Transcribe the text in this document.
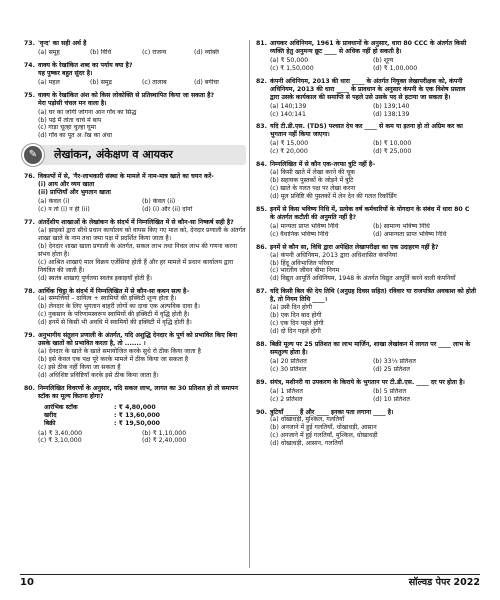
73. 'वृन्द' का सही अर्थ है
(a) समूह	(b) विधि	(c) राजन्य	(d) व्यक्ति
74. वाक्य के रेखांकित शब्द का पर्याय क्या है?
यह पुष्कर बहुत सुंदर है।
(a) महल	(b) समुद्र	(c) तालाब	(d) बगीचा
75. वाक्य के रेखांकित अंश को किस लोकोक्ति से प्रतिस्थापित किया जा सकता है?
मेरा पड़ोसी चंचल मन वाला है।
(a) घर का जोगी जोगना आन गाँव का सिद्ध
(b) पढ़े मैं तोता चाचे में बाप
(c) गाड़ा चूल्हा चुल्हा घुमा
(d) गाँव का पूत अाँख का अंधा
✎	लेखांकन, अंकेक्षण व आयकर
76. विकल्पों में से, 'गैर-लाभकारी संस्था के मामले में नाम-मात्र खाते का चयन करें-
(i) आय और व्यय खाता
(ii) प्राप्तियाँ और भुगतान खाता
(a) केवल (i)	(b) केवल (ii)
(c) न तो (i) न ही (ii)	(d) (i) और (ii) दोनों
77. अंतर्देशीय शाखाओं के लेखांकन के संदर्भ में निम्नलिखित में से कौन-सा निष्कर्ष सही है?
(a) झाइको द्वारा सीधे प्रधान कार्यालय को वापस किए गए माल को, देनदार प्रणाली के अंतर्गत शाखा खाते के नाम तथा जमा पक्ष में प्रदर्शित किया जाता है।
(b) देनदार शाखा खाता प्रणाली के अंतर्गत, सकल लाभ तथा निवल लाभ की गणना करना संभव होता है।
(c) आश्रित शाखाएं माल विक्रय एजेंसियां होती हैं और हर मामले में प्रधान कार्यालय द्वारा नियंत्रित की जाती हैं।
(d) स्वतंत्र शाखाएं पूर्णतया स्वतंत्र इकाइयाँ होती हैं।
78. आर्थिक चिट्ठा के संदर्भ में निम्नलिखित में से कौन-सा कथन सत्य है–
(a) सम्पत्तियों – दायित्व + स्वामियों की इक्विटी शून्य होता है।
(b) लेनदार के लिए भुगतान बाहरी लोगों का दावा एक अल्पविक दावा है।
(c) नुकसान के परिणामस्वरूप स्वामियों की इक्विटी में वृद्धि होती है।
(d) इनमें से किसी भी अवधि में स्वामियों की इक्विटी में वृद्धि होती है।
79. अनुभागीय संतुलन प्रणाली के अंतर्गत, यदि अशुद्धि देनदार के पूर्ण को प्रभावित किए बिना उसके खातों को प्रभावित करता है, तो ....... ।
(a) देनदार के खाते के खाते समायोजित करके सुधे रो ठीक किया जाता है
(b) इसे केवल एक पक्ष पूरे करके मामले में ठीक किया जा सकता है
(c) इसे ठीक नहीं किया जा सकता है
(d) अधिशिष्ट प्रविष्टियाँ करके इसे ठीक किया जाता है।
80. निम्नलिखित विवरणों के अनुसार, यदि सकल लाभ, लागत का 30 प्रतिशत हो तो समापन स्टॉक का मूल्य कितना होगा?
आरंभिक स्टॉक	: ₹ 4,80,000
खरीद	: ₹ 13,60,000
बिक्री	: ₹ 19,50,000
(a) ₹ 3,40,000	(b) ₹ 1,10,000
(c) ₹ 3,10,000	(d) ₹ 2,40,000
81. आयकर अधिनियम, 1961 के प्रावधानों के अनुसार, धारा 80 CCC के अंतर्गत किसी व्यक्ति हेतु अनुमन्य छूट ____ से अधिक नहीं हो सकती है।
(a) ₹ 50,000	(b) शून्य
(c) ₹ 1,50,000	(d) ₹ 1,00,000
82. कंपनी अधिनियम, 2013 की धारा ____ के अंतर्गत नियुक्त लेखापरीक्षक को, कंपनी अधिनियम, 2013 की धारा ____ के प्रावधान के अनुसार कंपनी के एक विशेष प्रस्ताव द्वारा उसके कार्यकाल की समाप्ति से पहले उसे उसके पद से हटाया जा सकता है।
(a) 140;139	(b) 139;140
(c) 140;141	(d) 138;139
83. यदि टी.डी.एस. (TDS) पश्चात देय कर ____ से कम या इतना हो तो अग्रिम कर का भुगतान नहीं किया जाएगा।
(a) ₹ 15,000	(b) ₹ 10,000
(c) ₹ 20,000	(d) ₹ 25,000
84. निम्नलिखित में से कौन एक-तरफा त्रुटि नहीं है–
(a) किसी खाते में लेखा करने की चूक
(b) सहायक पुस्तकों के जोड़ने में त्रुटि
(c) खाते के गलत पक्ष पर लेखा करना
(d) मूल प्रविष्टि की पुस्तकों में लेन देन की गलत रिकॉर्डिंग
85. इनमें से किस भविष्य निधि में, प्रत्येक वर्ष कर्मचारियों के योगदान के संबंध में धारा 80 C के अंतर्गत कटौती की अनुमति नहीं है?
(a) मान्यता प्राप्त भविष्य निधि	(b) सामान्य भविष्य निधि
(c) वैधानिक भविष्य निधि	(d) अमान्यता प्राप्त भविष्य निधि
86. इनमें से कौन सा, विधि द्वारा अपेक्षित लेखापरीक्षा का एक उदाहरण नहीं है?
(a) कंपनी अधिनियम, 2013 द्वारा अधिशासित कंपनियां
(b) हिंदू अविभाजित परिवार
(c) भारतीय जीवन बीमा निगम
(d) विद्युत आपूर्ति अधिनियम, 1948 के अंतर्गत विद्युत आपूर्ति करने वाली कंपनियाँ
87. यदि किसी बिल की देय तिथि (अनुग्रह दिवस सहित) रविवार या राजपत्रित अवकाश को होती है, तो नियम तिथि ____।
(a) उसी दिन होगी
(b) एक दिन बाद होगी
(c) एक दिन पहले होगी
(d) दो दिन पहले होगी
88. बिक्री मूल्य पर 25 प्रतिशत का लाभ मार्जिन, शाखा लेखांकन में लागत पर ____ लाभ के समतुल्य होता है।
(a) 20 प्रतिशत	(b) 33⅓ प्रतिशत
(c) 30 प्रतिशत	(d) 25 प्रतिशत
89. संयंत्र, मशीनरी या उपकरण के किराये के भुगतान पर टी.डी.एस. ____ दर पर होता है।
(a) 1 प्रतिशत	(b) 5 प्रतिशत
(c) 2 प्रतिशत	(d) 10 प्रतिशत
90. त्रुटियाँ ____ हैं और ____ इनका पता लगाना ____ है।
(a) धोखाधड़ी, मुश्किल, गलतियाँ
(b) अनजाने में हुई गलतियाँ, धोखाधड़ी, आसान
(c) अनजाने में हुई गलतियाँ, मुश्किल, धोखाधड़ी
(d) धोखाधड़ी, आसान, गलतियाँ
10	सॉल्वड पेपर 2022
